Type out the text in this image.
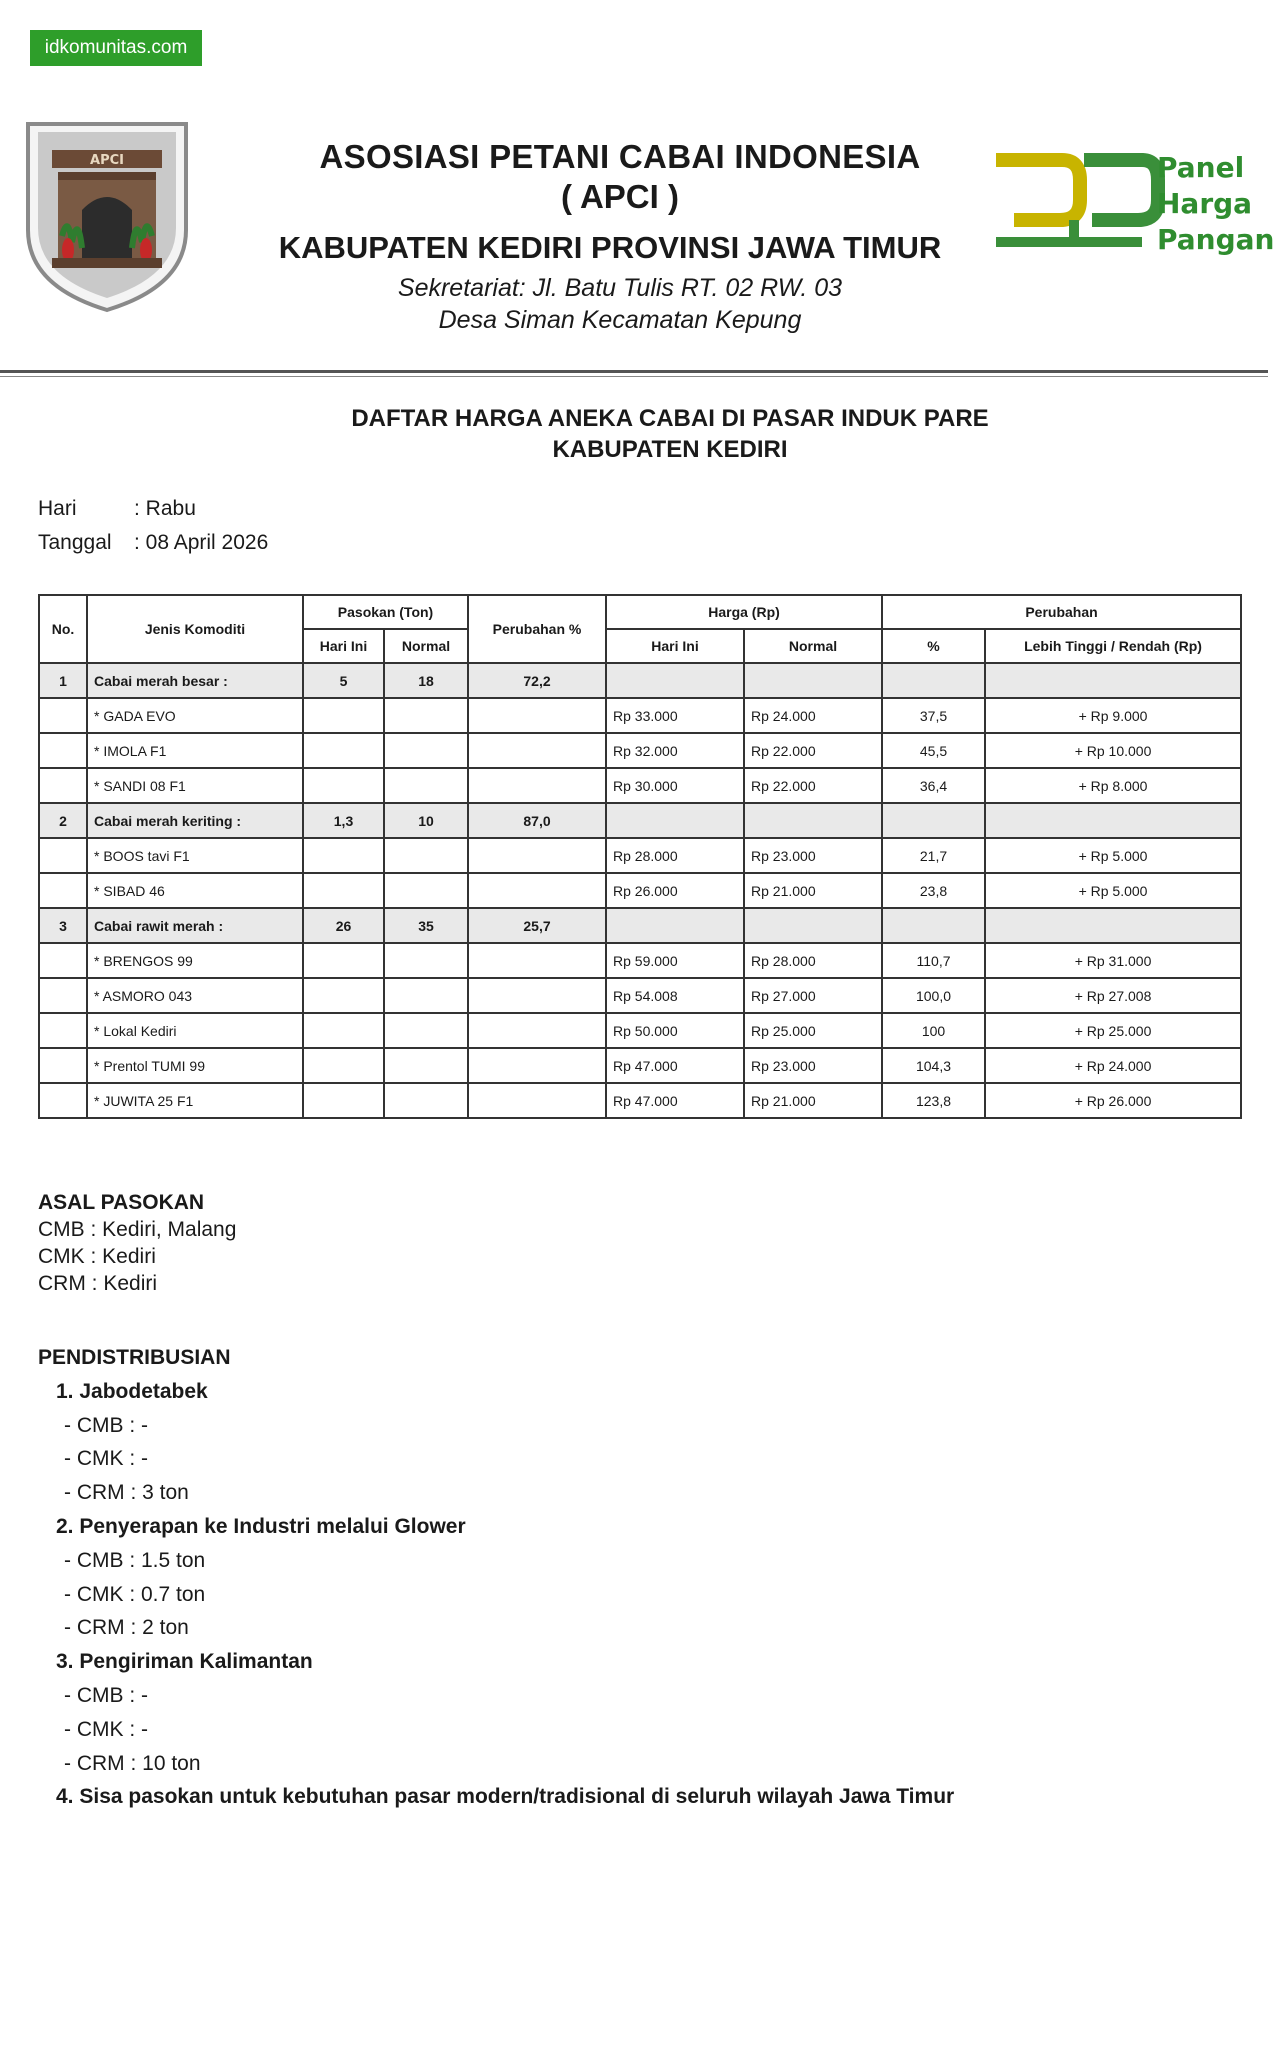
idkomunitas.com
APCI	Panel
Harga
Pangan
ASOSIASI PETANI CABAI INDONESIA
( APCI )
KABUPATEN KEDIRI PROVINSI JAWA TIMUR
Sekretariat: Jl. Batu Tulis RT. 02 RW. 03
Desa Siman Kecamatan Kepung
DAFTAR HARGA ANEKA CABAI DI PASAR INDUK PARE
KABUPATEN KEDIRI
Hari	: Rabu
Tanggal : 08 April 2026
No.	Jenis Komoditi	Pasokan (Ton)		Perubahan %	Harga (Rp)		Perubahan	
		Hari Ini	Normal		Hari Ini	Normal	%	Lebih Tinggi / Rendah (Rp)
1	Cabai merah besar :	5	18	72,2				
	* GADA EVO				Rp 33.000	Rp 24.000	37,5	+ Rp 9.000
	* IMOLA F1				Rp 32.000	Rp 22.000	45,5	+ Rp 10.000
	* SANDI 08 F1				Rp 30.000	Rp 22.000	36,4	+ Rp 8.000
2	Cabai merah keriting :	1,3	10	87,0				
	* BOOS tavi F1				Rp 28.000	Rp 23.000	21,7	+ Rp 5.000
	* SIBAD 46				Rp 26.000	Rp 21.000	23,8	+ Rp 5.000
3	Cabai rawit merah :	26	35	25,7				
	* BRENGOS 99				Rp 59.000	Rp 28.000	110,7	+ Rp 31.000
	* ASMORO 043				Rp 54.008	Rp 27.000	100,0	+ Rp 27.008
	* Lokal Kediri				Rp 50.000	Rp 25.000	100	+ Rp 25.000
	* Prentol TUMI 99				Rp 47.000	Rp 23.000	104,3	+ Rp 24.000
	* JUWITA 25 F1				Rp 47.000	Rp 21.000	123,8	+ Rp 26.000
ASAL PASOKAN
CMB : Kediri, Malang
CMK : Kediri
CRM : Kediri
PENDISTRIBUSIAN
1. Jabodetabek
- CMB : -
- CMK : -
- CRM : 3 ton
2. Penyerapan ke Industri melalui Glower
- CMB : 1.5 ton
- CMK : 0.7 ton
- CRM : 2 ton
3. Pengiriman Kalimantan
- CMB : -
- CMK : -
- CRM : 10 ton
4. Sisa pasokan untuk kebutuhan pasar modern/tradisional di seluruh wilayah Jawa Timur
